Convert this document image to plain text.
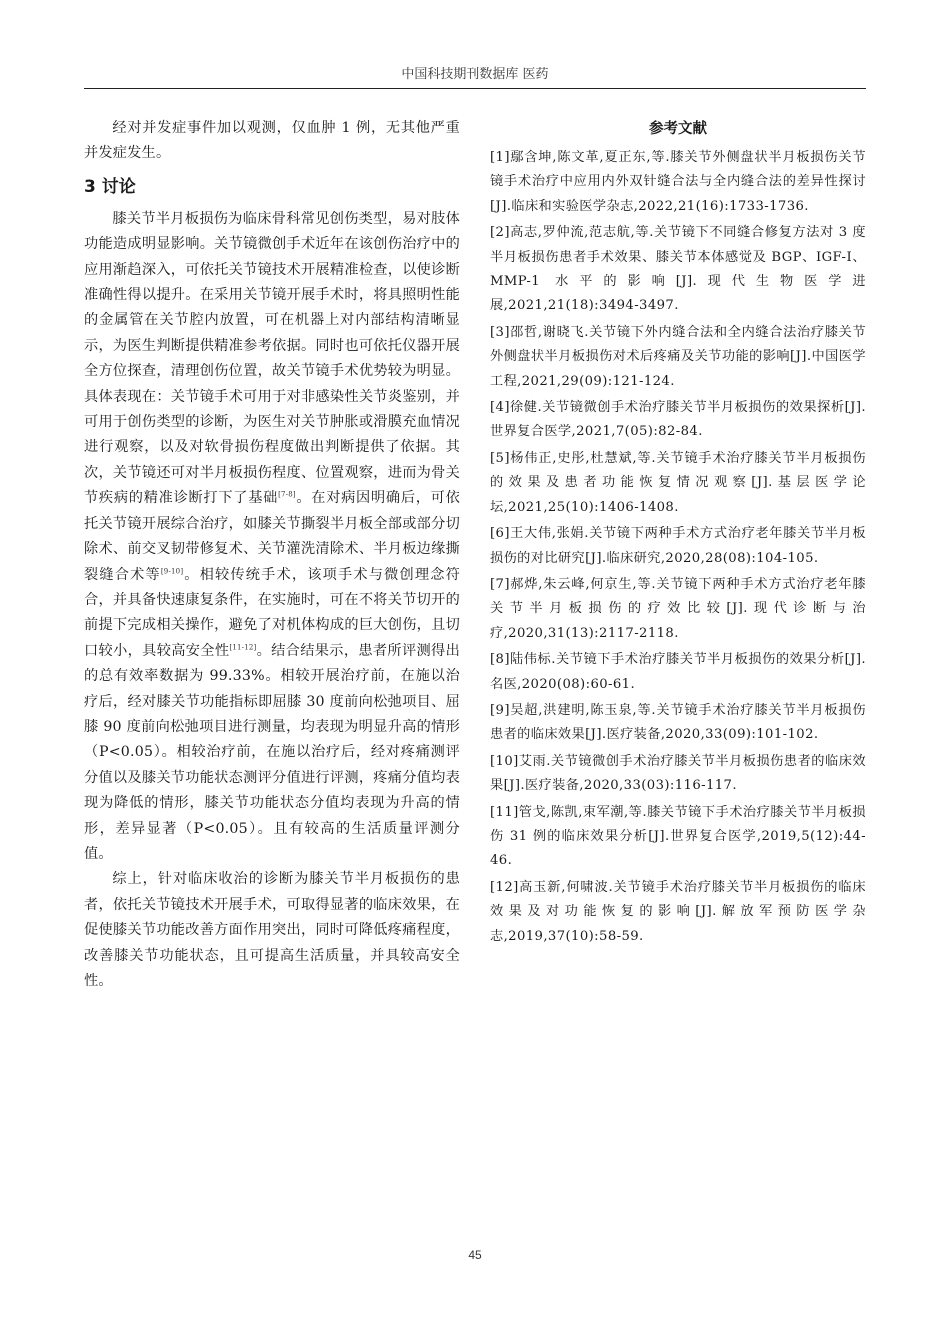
中国科技期刊数据库 医药

经对并发症事件加以观测，仅血肿 1 例，无其他严重并发症发生。

3 讨论

膝关节半月板损伤为临床骨科常见创伤类型，易对肢体功能造成明显影响。关节镜微创手术近年在该创伤治疗中的应用渐趋深入，可依托关节镜技术开展精准检查，以使诊断准确性得以提升。在采用关节镜开展手术时，将具照明性能的金属管在关节腔内放置，可在机器上对内部结构清晰显示，为医生判断提供精准参考依据。同时也可依托仪器开展全方位探查，清理创伤位置，故关节镜手术优势较为明显。具体表现在：关节镜手术可用于对非感染性关节炎鉴别，并可用于创伤类型的诊断，为医生对关节肿胀或滑膜充血情况进行观察，以及对软骨损伤程度做出判断提供了依据。其次，关节镜还可对半月板损伤程度、位置观察，进而为骨关节疾病的精准诊断打下了基础[7-8]。在对病因明确后，可依托关节镜开展综合治疗，如膝关节撕裂半月板全部或部分切除术、前交叉韧带修复术、关节灌洗清除术、半月板边缘撕裂缝合术等[9-10]。相较传统手术，该项手术与微创理念符合，并具备快速康复条件，在实施时，可在不将关节切开的前提下完成相关操作，避免了对机体构成的巨大创伤，且切口较小，具较高安全性[11-12]。结合结果示，患者所评测得出的总有效率数据为 99.33%。相较开展治疗前，在施以治疗后，经对膝关节功能指标即屈膝 30 度前向松弛项目、屈膝 90 度前向松弛项目进行测量，均表现为明显升高的情形（P<0.05）。相较治疗前，在施以治疗后，经对疼痛测评分值以及膝关节功能状态测评分值进行评测，疼痛分值均表现为降低的情形，膝关节功能状态分值均表现为升高的情形，差异显著（P<0.05）。且有较高的生活质量评测分值。

综上，针对临床收治的诊断为膝关节半月板损伤的患者，依托关节镜技术开展手术，可取得显著的临床效果，在促使膝关节功能改善方面作用突出，同时可降低疼痛程度，改善膝关节功能状态，且可提高生活质量，并具较高安全性。

参考文献
[1]鄢含坤,陈文革,夏正东,等.膝关节外侧盘状半月板损伤关节镜手术治疗中应用内外双针缝合法与全内缝合法的差异性探讨[J].临床和实验医学杂志,2022,21(16):1733-1736.
[2]高志,罗仲流,范志航,等.关节镜下不同缝合修复方法对 3 度半月板损伤患者手术效果、膝关节本体感觉及 BGP、IGF-Ⅰ、MMP-1 水平的影响[J].现代生物医学进展,2021,21(18):3494-3497.
[3]邵哲,谢晓飞.关节镜下外内缝合法和全内缝合法治疗膝关节外侧盘状半月板损伤对术后疼痛及关节功能的影响[J].中国医学工程,2021,29(09):121-124.
[4]徐健.关节镜微创手术治疗膝关节半月板损伤的效果探析[J].世界复合医学,2021,7(05):82-84.
[5]杨伟正,史彤,杜慧斌,等.关节镜手术治疗膝关节半月板损伤的效果及患者功能恢复情况观察[J].基层医学论坛,2021,25(10):1406-1408.
[6]王大伟,张娟.关节镜下两种手术方式治疗老年膝关节半月板损伤的对比研究[J].临床研究,2020,28(08):104-105.
[7]郝烨,朱云峰,何京生,等.关节镜下两种手术方式治疗老年膝关节半月板损伤的疗效比较[J].现代诊断与治疗,2020,31(13):2117-2118.
[8]陆伟标.关节镜下手术治疗膝关节半月板损伤的效果分析[J].名医,2020(08):60-61.
[9]吴超,洪建明,陈玉泉,等.关节镜手术治疗膝关节半月板损伤患者的临床效果[J].医疗装备,2020,33(09):101-102.
[10]艾雨.关节镜微创手术治疗膝关节半月板损伤患者的临床效果[J].医疗装备,2020,33(03):116-117.
[11]管戈,陈凯,束军潮,等.膝关节镜下手术治疗膝关节半月板损伤 31 例的临床效果分析[J].世界复合医学,2019,5(12):44-46.
[12]高玉新,何啸波.关节镜手术治疗膝关节半月板损伤的临床效果及对功能恢复的影响[J].解放军预防医学杂志,2019,37(10):58-59.
45
